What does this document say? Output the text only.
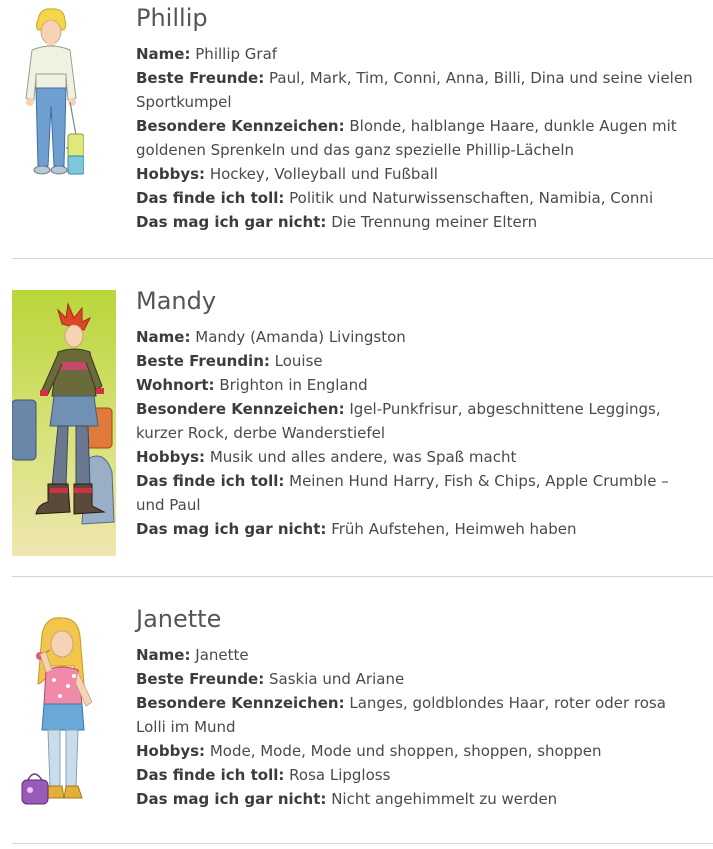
Phillip

Name: Phillip Graf

Beste Freunde: Paul, Mark, Tim, Conni, Anna, Billi, Dina und seine vielen Sportkumpel

Besondere Kennzeichen: Blonde, halblange Haare, dunkle Augen mit goldenen Sprenkeln und das ganz spezielle Phillip-Lächeln

Hobbys: Hockey, Volleyball und Fußball

Das finde ich toll: Politik und Naturwissenschaften, Namibia, Conni

Das mag ich gar nicht: Die Trennung meiner Eltern

Mandy

Name: Mandy (Amanda) Livingston

Beste Freundin: Louise

Wohnort: Brighton in England

Besondere Kennzeichen: Igel-Punkfrisur, abgeschnittene Leggings, kurzer Rock, derbe Wanderstiefel

Hobbys: Musik und alles andere, was Spaß macht

Das finde ich toll: Meinen Hund Harry, Fish & Chips, Apple Crumble – und Paul

Das mag ich gar nicht: Früh Aufstehen, Heimweh haben

Janette

Name: Janette

Beste Freunde: Saskia und Ariane

Besondere Kennzeichen: Langes, goldblondes Haar, roter oder rosa Lolli im Mund

Hobbys: Mode, Mode, Mode und shoppen, shoppen, shoppen

Das finde ich toll: Rosa Lipgloss

Das mag ich gar nicht: Nicht angehimmelt zu werden
